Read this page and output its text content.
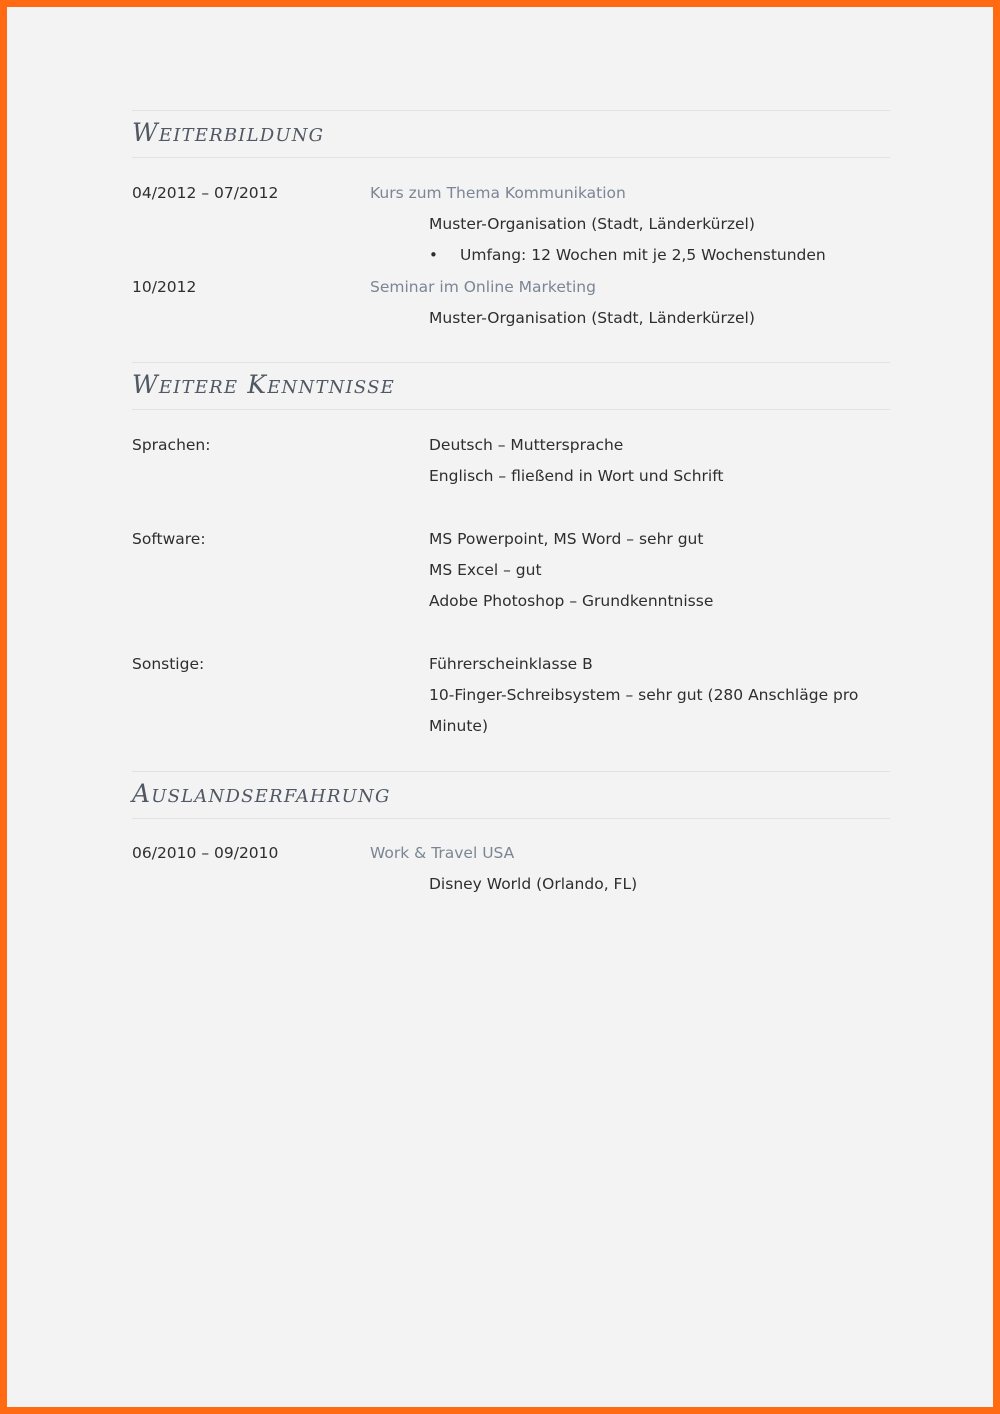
Weiterbildung
04/2012 – 07/2012	Kurs zum Thema Kommunikation
Muster-Organisation (Stadt, Länderkürzel)
• Umfang: 12 Wochen mit je 2,5 Wochenstunden
10/2012	Seminar im Online Marketing
Muster-Organisation (Stadt, Länderkürzel)
Weitere Kenntnisse
Sprachen:	Deutsch – Muttersprache
Englisch – fließend in Wort und Schrift
Software:	MS Powerpoint, MS Word – sehr gut
MS Excel – gut
Adobe Photoshop – Grundkenntnisse
Sonstige:	Führerscheinklasse B
10-Finger-Schreibsystem – sehr gut (280 Anschläge pro
Minute)
Auslandserfahrung
06/2010 – 09/2010	Work & Travel USA
Disney World (Orlando, FL)
